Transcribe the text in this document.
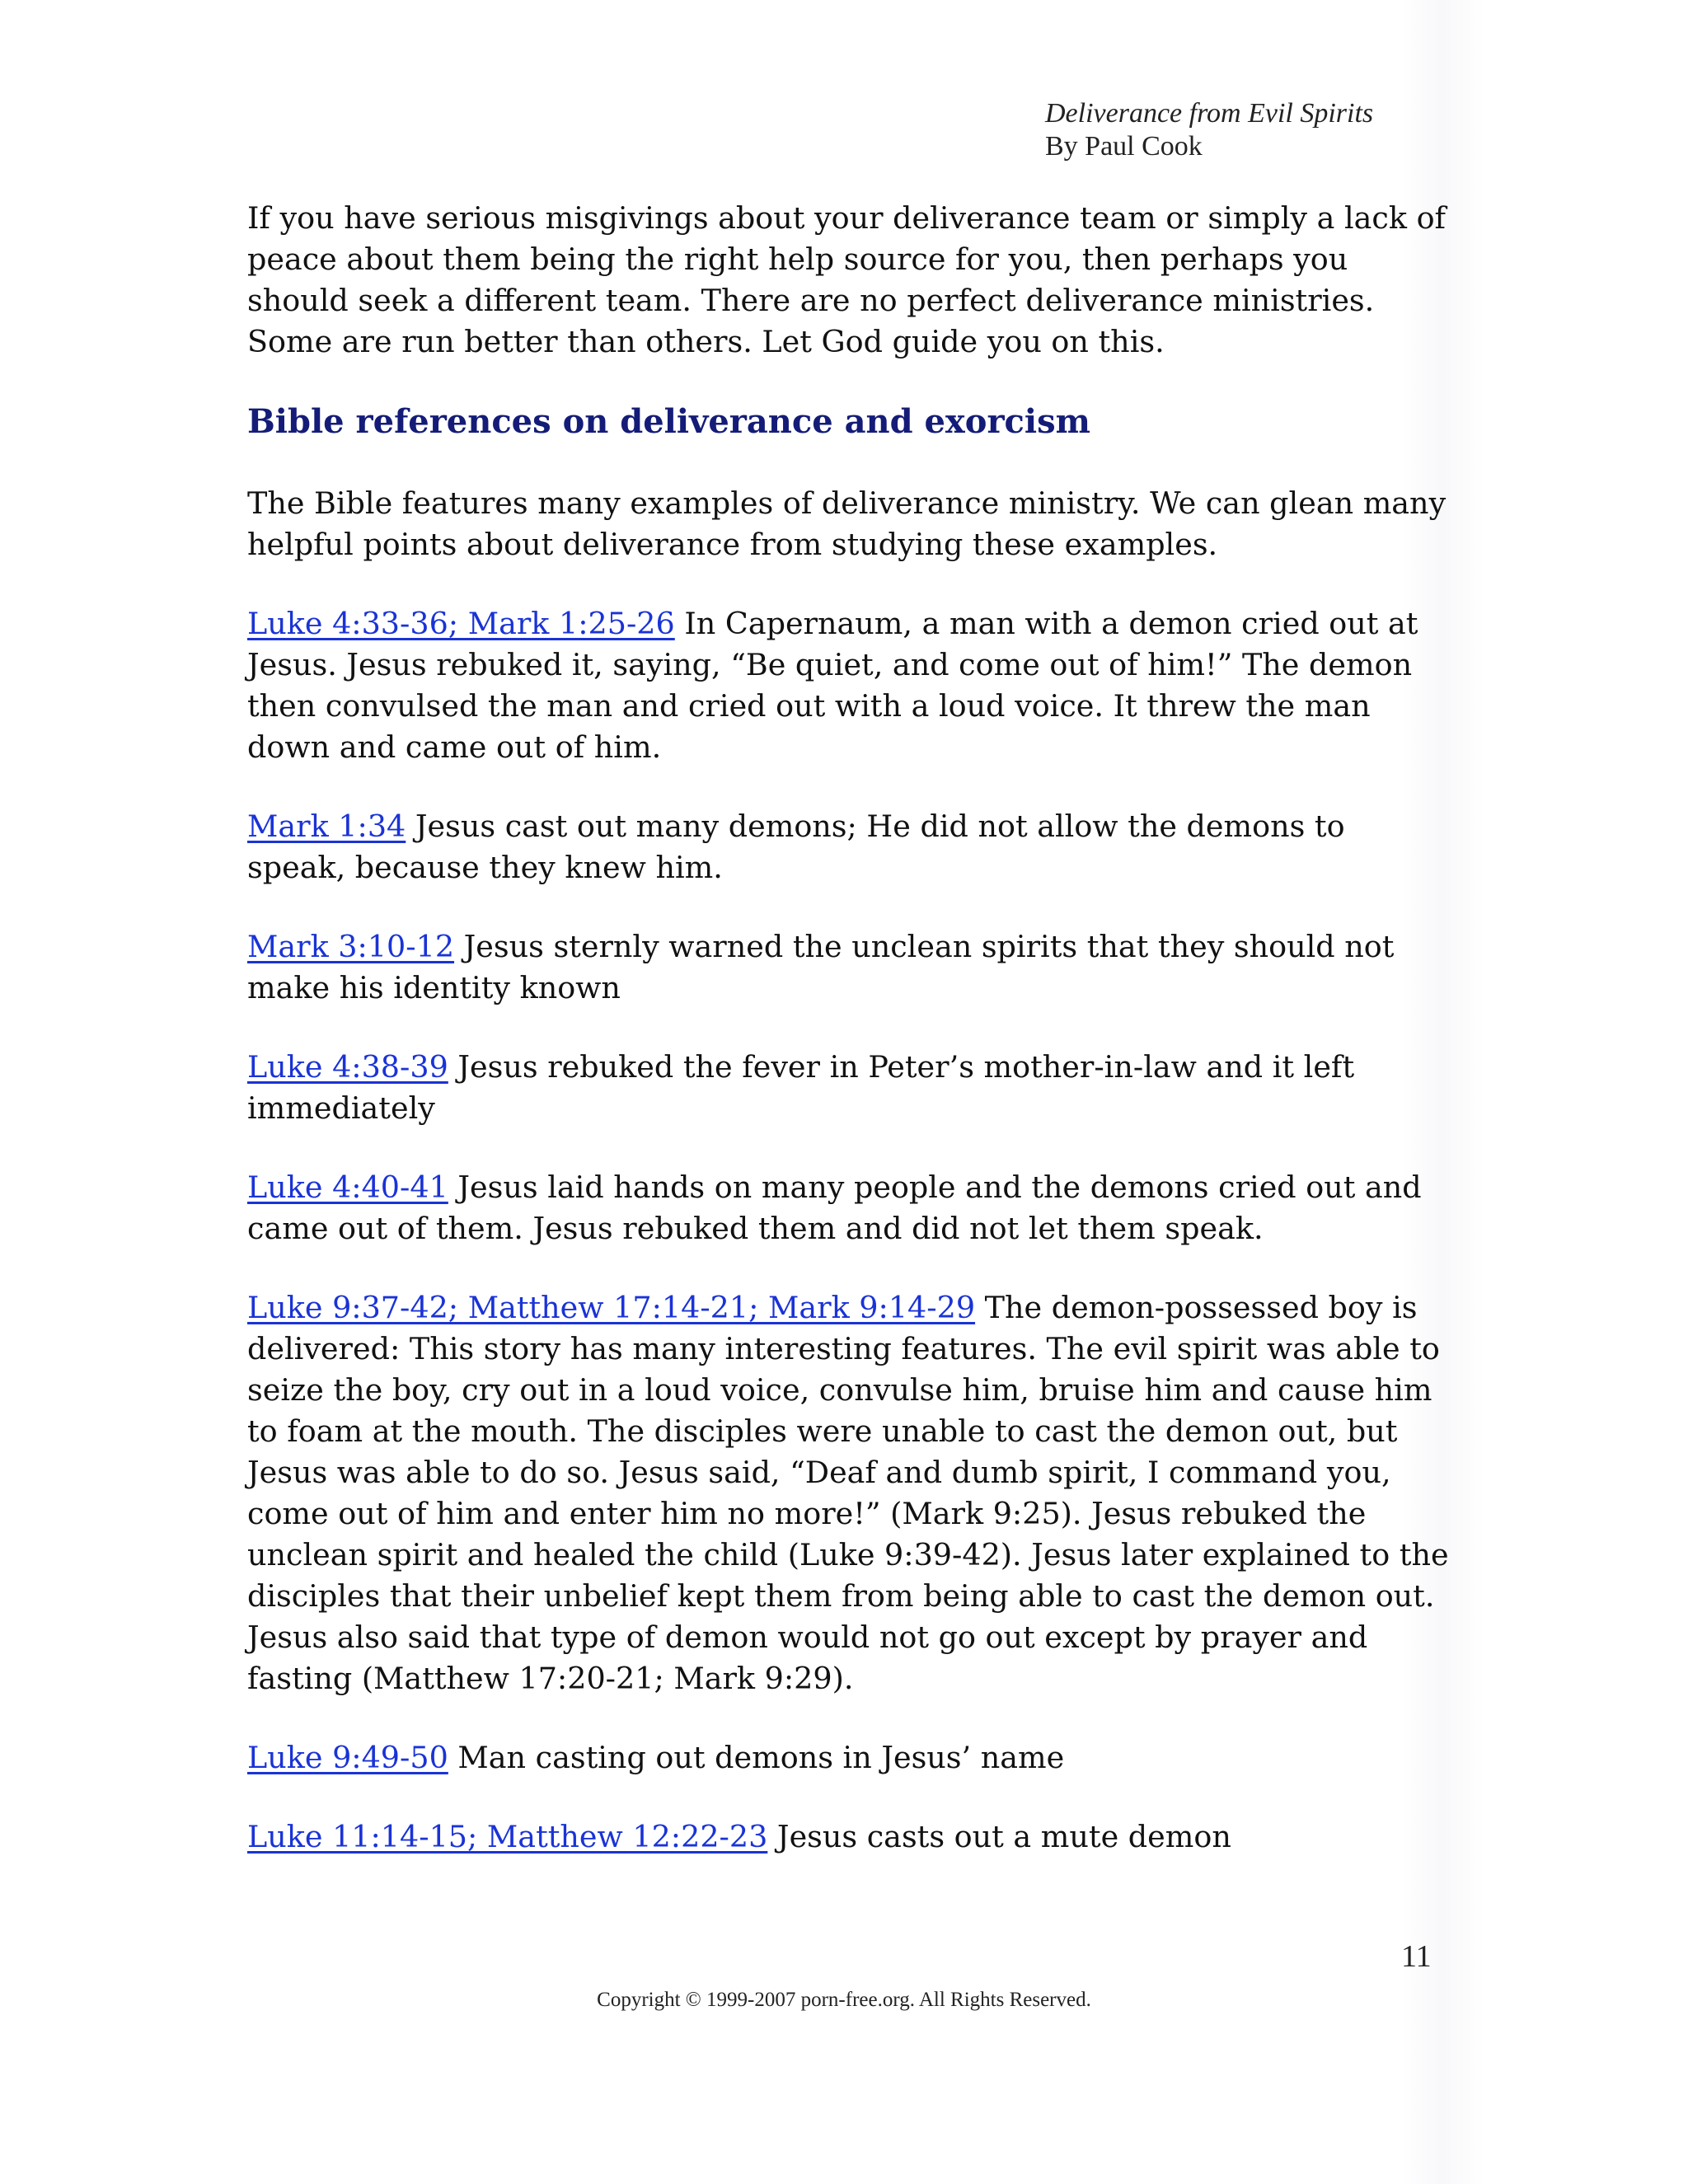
Deliverance from Evil Spirits
By Paul Cook

If you have serious misgivings about your deliverance team or simply a lack of peace about them being the right help source for you, then perhaps you should seek a different team. There are no perfect deliverance ministries. Some are run better than others. Let God guide you on this.

Bible references on deliverance and exorcism

The Bible features many examples of deliverance ministry. We can glean many helpful points about deliverance from studying these examples.

Luke 4:33-36; Mark 1:25-26 In Capernaum, a man with a demon cried out at Jesus. Jesus rebuked it, saying, “Be quiet, and come out of him!” The demon then convulsed the man and cried out with a loud voice. It threw the man down and came out of him.

Mark 1:34 Jesus cast out many demons; He did not allow the demons to speak, because they knew him.

Mark 3:10-12 Jesus sternly warned the unclean spirits that they should not make his identity known

Luke 4:38-39 Jesus rebuked the fever in Peter’s mother-in-law and it left immediately

Luke 4:40-41 Jesus laid hands on many people and the demons cried out and came out of them. Jesus rebuked them and did not let them speak.

Luke 9:37-42; Matthew 17:14-21; Mark 9:14-29 The demon-possessed boy is delivered: This story has many interesting features. The evil spirit was able to seize the boy, cry out in a loud voice, convulse him, bruise him and cause him to foam at the mouth. The disciples were unable to cast the demon out, but Jesus was able to do so. Jesus said, “Deaf and dumb spirit, I command you, come out of him and enter him no more!” (Mark 9:25). Jesus rebuked the unclean spirit and healed the child (Luke 9:39-42). Jesus later explained to the disciples that their unbelief kept them from being able to cast the demon out. Jesus also said that type of demon would not go out except by prayer and fasting (Matthew 17:20-21; Mark 9:29).

Luke 9:49-50 Man casting out demons in Jesus’ name

Luke 11:14-15; Matthew 12:22-23 Jesus casts out a mute demon

11
Copyright © 1999-2007 porn-free.org. All Rights Reserved.
